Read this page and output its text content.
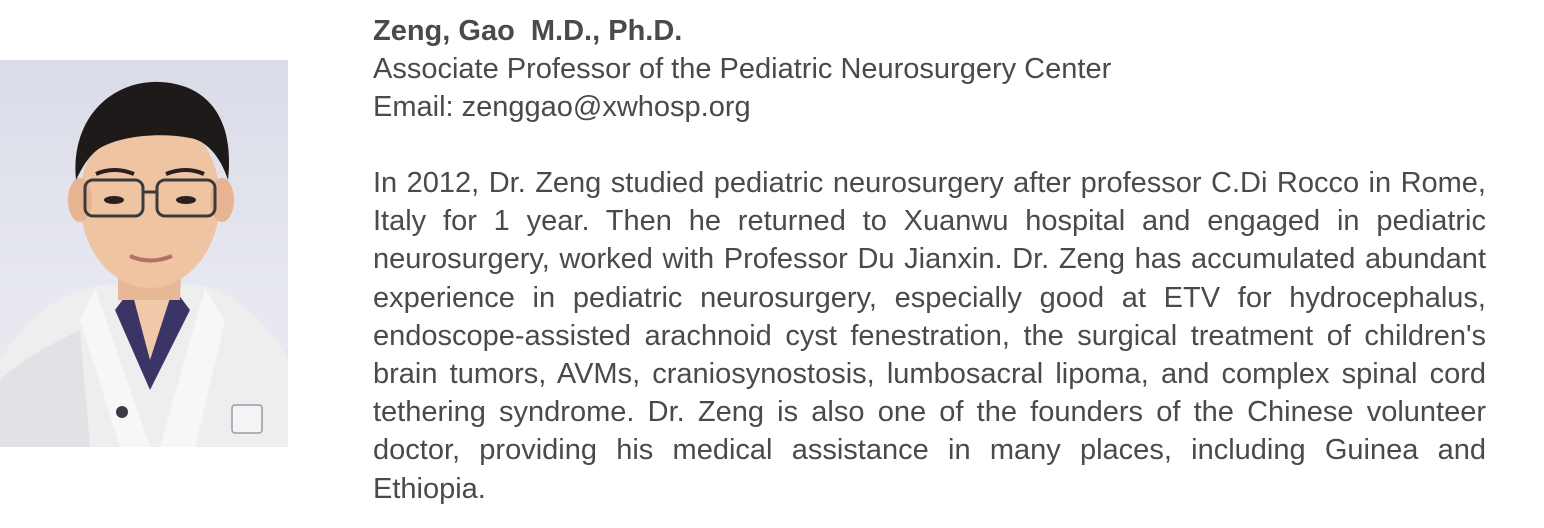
Zeng, Gao  M.D., Ph.D.

Associate Professor of the Pediatric Neurosurgery Center

Email: zenggao@xwhosp.org

In 2012, Dr. Zeng studied pediatric neurosurgery after professor C.Di Rocco in Rome, Italy for 1 year. Then he returned to Xuanwu hospital and engaged in pediatric neurosurgery, worked with Professor Du Jianxin. Dr. Zeng has accumulated abundant experience in pediatric neurosurgery, especially good at ETV for hydrocephalus, endoscope-assisted arachnoid cyst fenestration, the surgical treatment of children's brain tumors, AVMs, craniosynostosis, lumbosacral lipoma, and complex spinal cord tethering syndrome. Dr. Zeng is also one of the founders of the Chinese volunteer doctor, providing his medical assistance in many places, including Guinea and Ethiopia.
